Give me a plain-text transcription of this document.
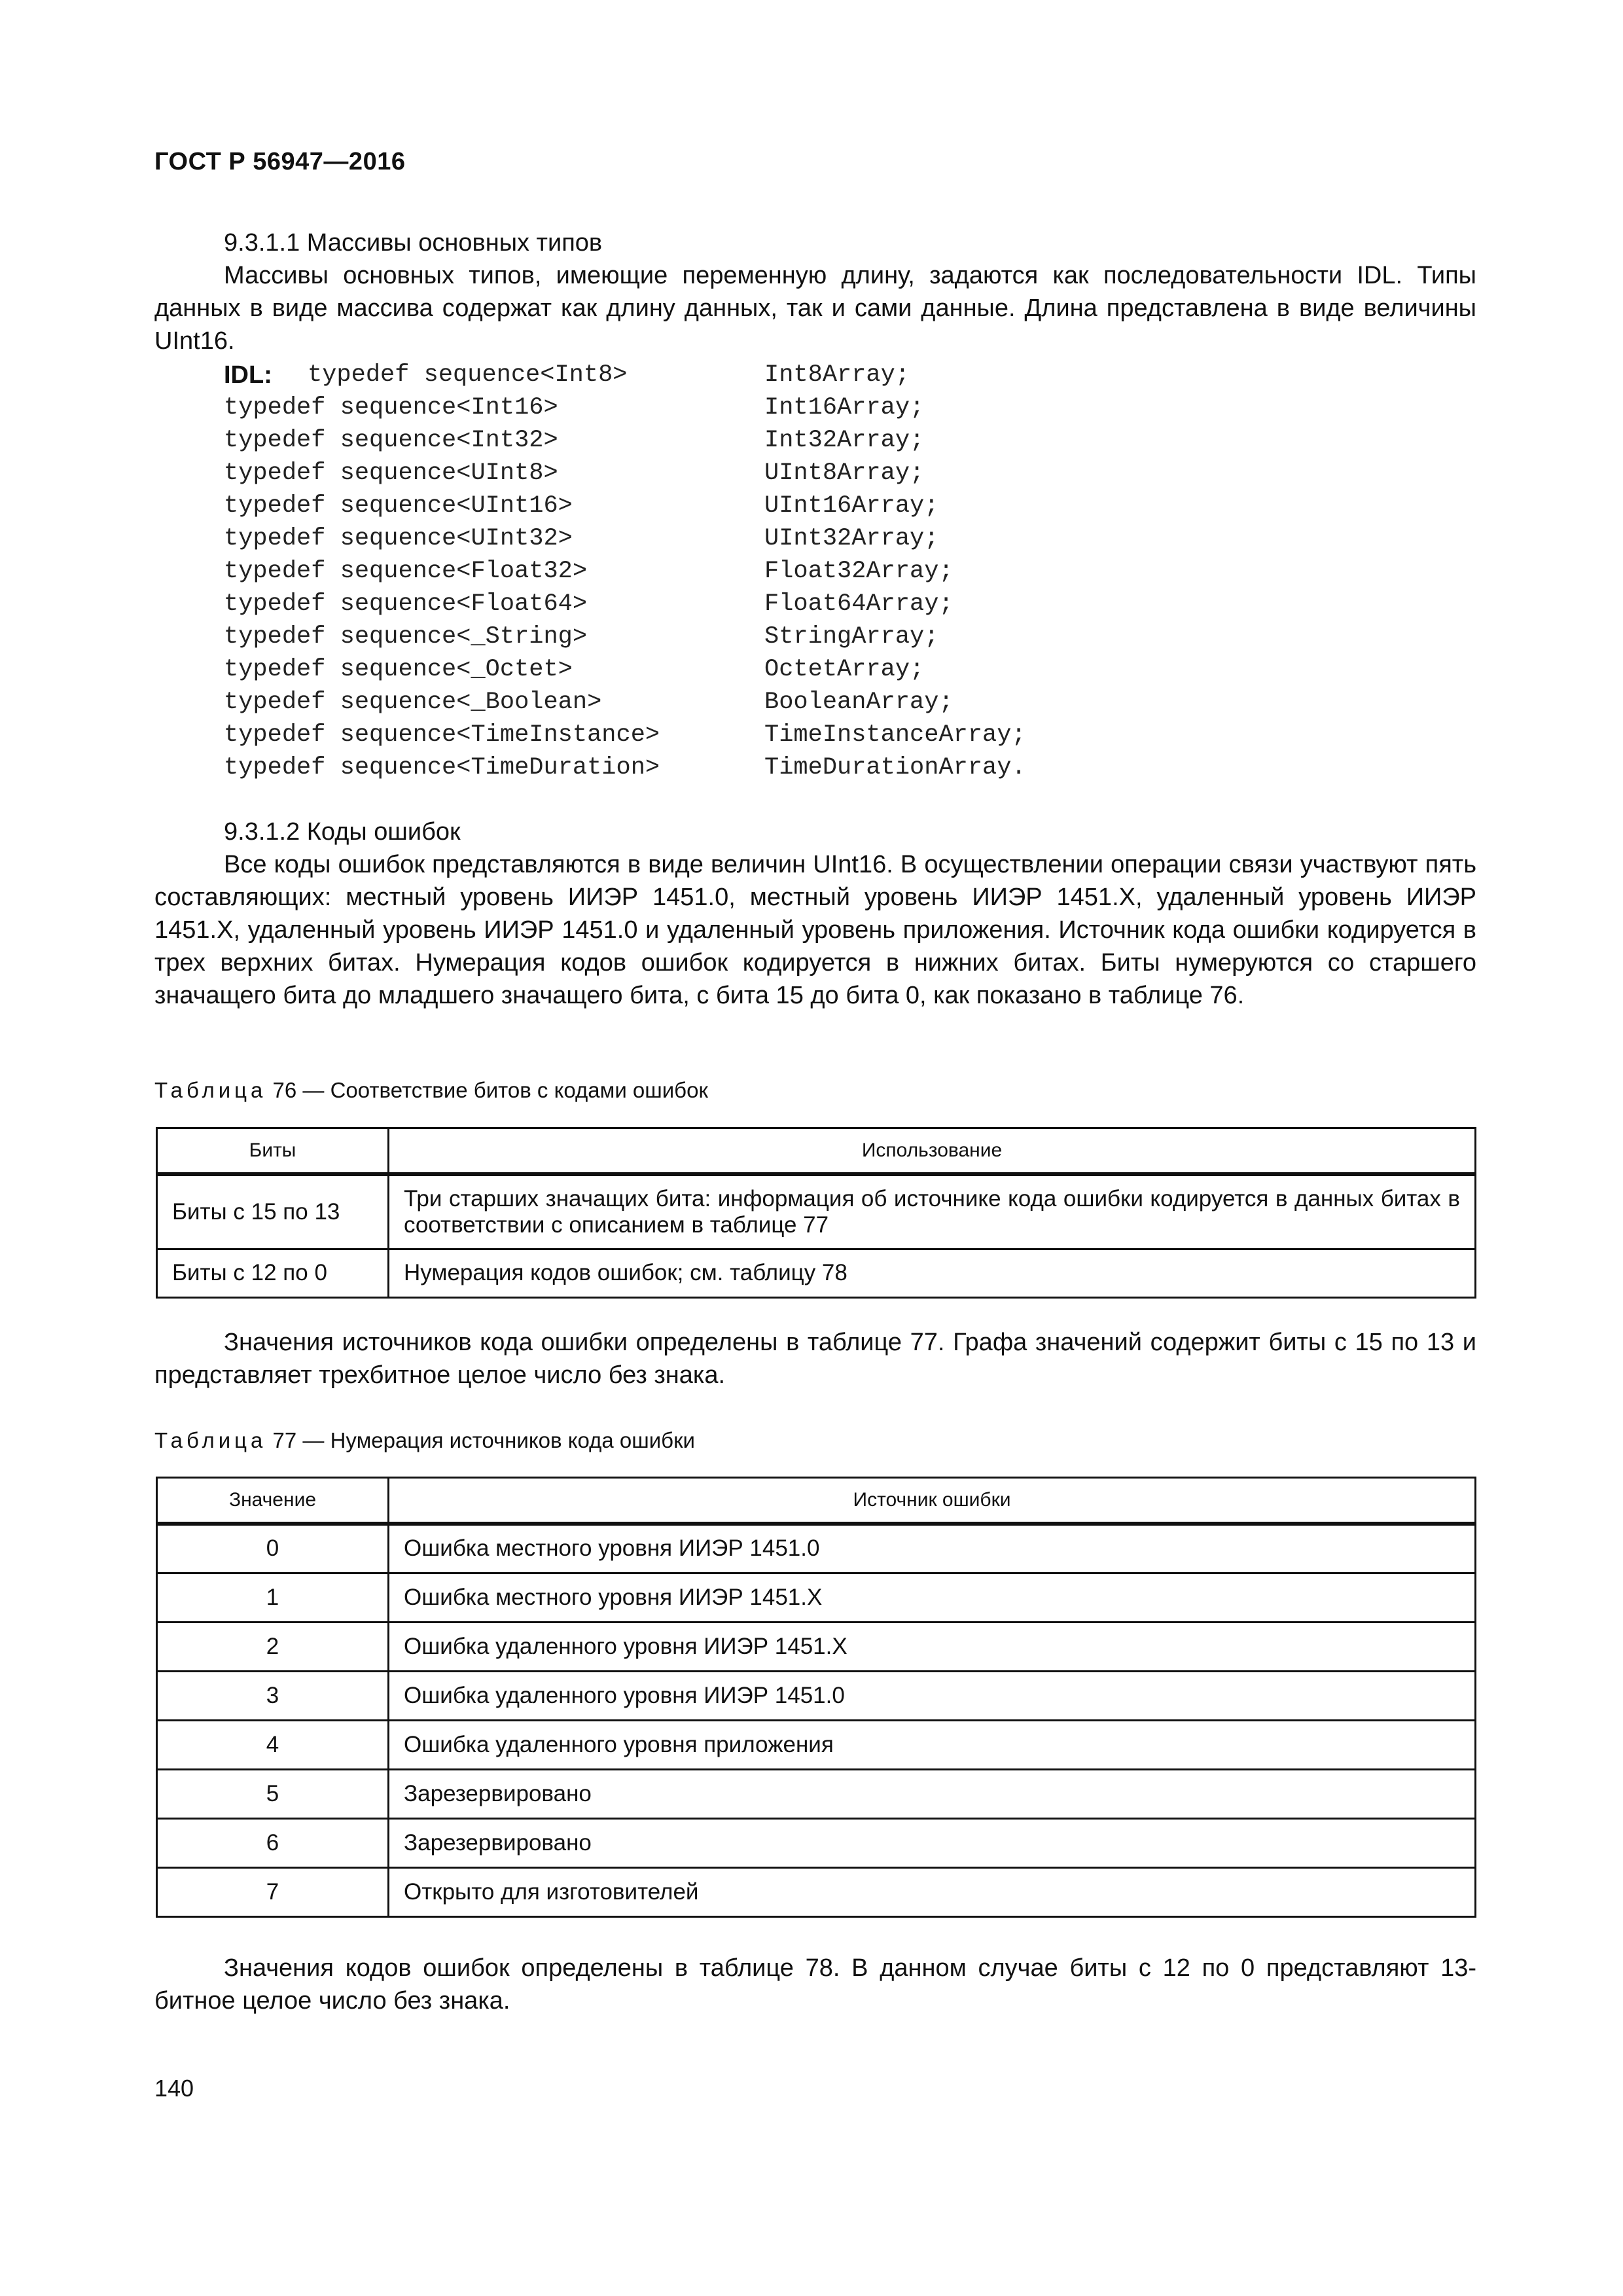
ГОСТ Р 56947—2016

9.3.1.1 Массивы основных типов

Массивы основных типов, имеющие переменную длину, задаются как последовательности IDL. Типы данных в виде массива содержат как длину данных, так и сами данные. Длина представлена в виде величины UInt16.

IDL:	typedef sequence<Int8>	Int8Array;
typedef sequence<Int16>	Int16Array;
typedef sequence<Int32>	Int32Array;
typedef sequence<UInt8>	UInt8Array;
typedef sequence<UInt16>	UInt16Array;
typedef sequence<UInt32>	UInt32Array;
typedef sequence<Float32>	Float32Array;
typedef sequence<Float64>	Float64Array;
typedef sequence<_String>	StringArray;
typedef sequence<_Octet>	OctetArray;
typedef sequence<_Boolean>	BooleanArray;
typedef sequence<TimeInstance>	TimeInstanceArray;
typedef sequence<TimeDuration>	TimeDurationArray.

9.3.1.2 Коды ошибок

Все коды ошибок представляются в виде величин UInt16. В осуществлении операции связи участвуют пять составляющих: местный уровень ИИЭР 1451.0, местный уровень ИИЭР 1451.X, удаленный уровень ИИЭР 1451.X, удаленный уровень ИИЭР 1451.0 и удаленный уровень приложения. Источник кода ошибки кодируется в трех верхних битах. Нумерация кодов ошибок кодируется в нижних битах. Биты нумеруются со старшего значащего бита до младшего значащего бита, с бита 15 до бита 0, как показано в таблице 76.

Таблица 76 — Соответствие битов с кодами ошибок
Биты	Использование
Биты с 15 по 13	Три старших значащих бита: информация об источнике кода ошибки кодируется в данных битах в соответствии с описанием в таблице 77
Биты с 12 по 0	Нумерация кодов ошибок; см. таблицу 78

Значения источников кода ошибки определены в таблице 77. Графа значений содержит биты с 15 по 13 и представляет трехбитное целое число без знака.

Таблица 77 — Нумерация источников кода ошибки
Значение	Источник ошибки
0	Ошибка местного уровня ИИЭР 1451.0
1	Ошибка местного уровня ИИЭР 1451.X
2	Ошибка удаленного уровня ИИЭР 1451.X
3	Ошибка удаленного уровня ИИЭР 1451.0
4	Ошибка удаленного уровня приложения
5	Зарезервировано
6	Зарезервировано
7	Открыто для изготовителей

Значения кодов ошибок определены в таблице 78. В данном случае биты с 12 по 0 представляют 13-битное целое число без знака.

140
